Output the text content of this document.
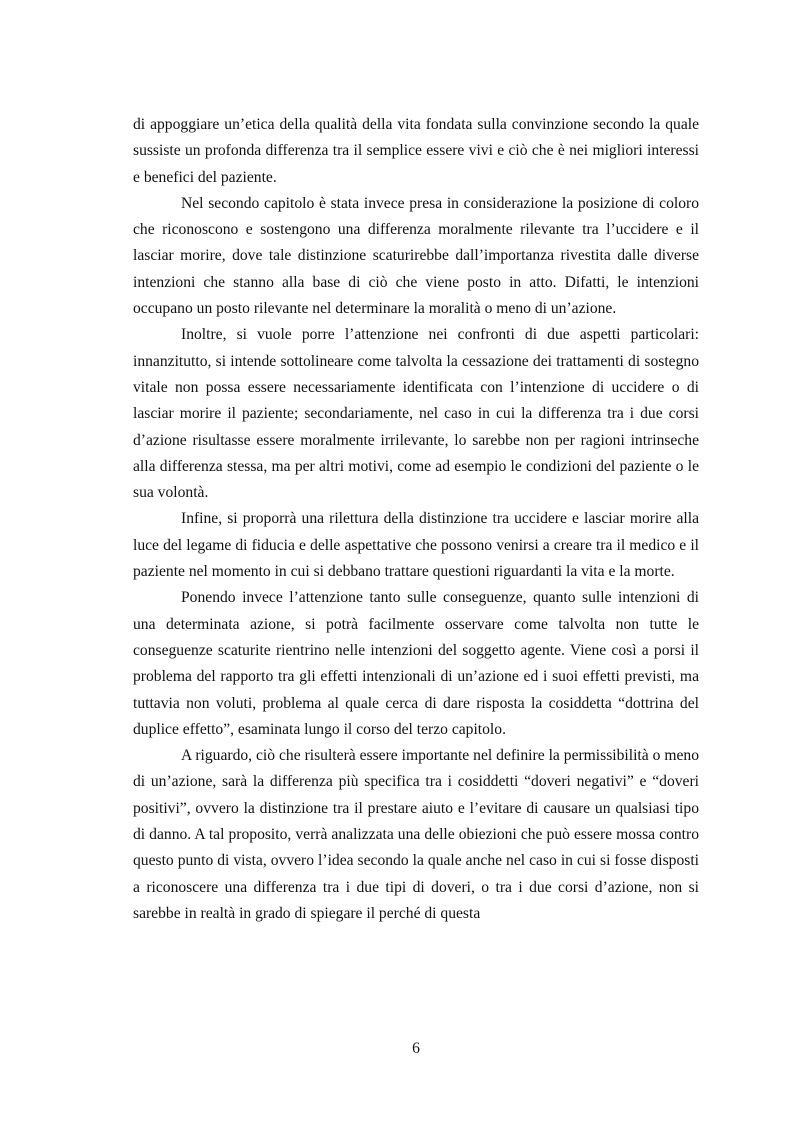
di appoggiare un’etica della qualità della vita fondata sulla convinzione secondo la quale sussiste un profonda differenza tra il semplice essere vivi e ciò che è nei migliori interessi e benefici del paziente.

Nel secondo capitolo è stata invece presa in considerazione la posizione di coloro che riconoscono e sostengono una differenza moralmente rilevante tra l’uccidere e il lasciar morire, dove tale distinzione scaturirebbe dall’importanza rivestita dalle diverse intenzioni che stanno alla base di ciò che viene posto in atto. Difatti, le intenzioni occupano un posto rilevante nel determinare la moralità o meno di un’azione.

Inoltre, si vuole porre l’attenzione nei confronti di due aspetti particolari: innanzitutto, si intende sottolineare come talvolta la cessazione dei trattamenti di sostegno vitale non possa essere necessariamente identificata con l’intenzione di uccidere o di lasciar morire il paziente; secondariamente, nel caso in cui la differenza tra i due corsi d’azione risultasse essere moralmente irrilevante, lo sarebbe non per ragioni intrinseche alla differenza stessa, ma per altri motivi, come ad esempio le condizioni del paziente o le sua volontà.

Infine, si proporrà una rilettura della distinzione tra uccidere e lasciar morire alla luce del legame di fiducia e delle aspettative che possono venirsi a creare tra il medico e il paziente nel momento in cui si debbano trattare questioni riguardanti la vita e la morte.

Ponendo invece l’attenzione tanto sulle conseguenze, quanto sulle intenzioni di una determinata azione, si potrà facilmente osservare come talvolta non tutte le conseguenze scaturite rientrino nelle intenzioni del soggetto agente. Viene così a porsi il problema del rapporto tra gli effetti intenzionali di un’azione ed i suoi effetti previsti, ma tuttavia non voluti, problema al quale cerca di dare risposta la cosiddetta “dottrina del duplice effetto”, esaminata lungo il corso del terzo capitolo.

A riguardo, ciò che risulterà essere importante nel definire la permissibilità o meno di un’azione, sarà la differenza più specifica tra i cosiddetti “doveri negativi” e “doveri positivi”, ovvero la distinzione tra il prestare aiuto e l’evitare di causare un qualsiasi tipo di danno. A tal proposito, verrà analizzata una delle obiezioni che può essere mossa contro questo punto di vista, ovvero l’idea secondo la quale anche nel caso in cui si fosse disposti a riconoscere una differenza tra i due tipi di doveri, o tra i due corsi d’azione, non si sarebbe in realtà in grado di spiegare il perché di questa

6
